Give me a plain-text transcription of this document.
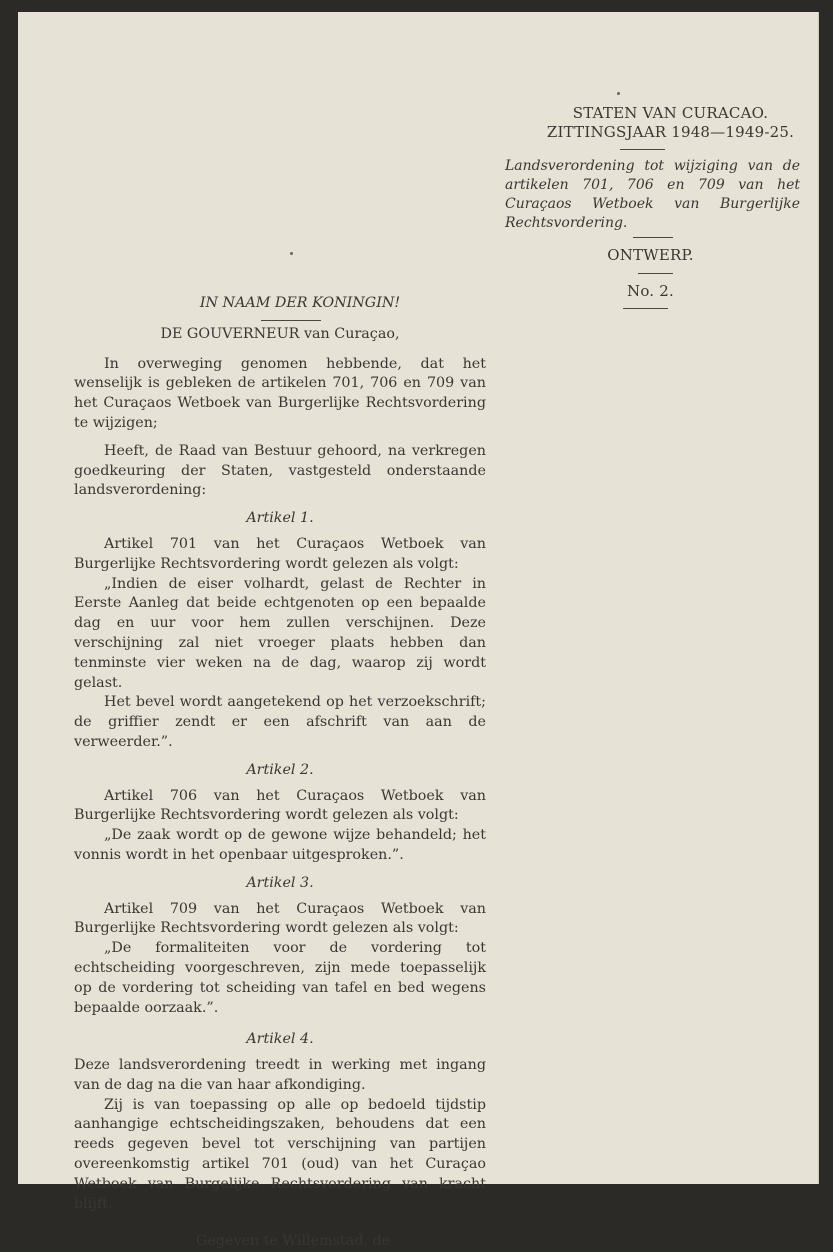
STATEN VAN CURACAO.
ZITTINGSJAAR 1948—1949-25.
Landsverordening tot wijziging van de artikelen 701, 706 en 709 van het Curaçaos Wetboek van Burgerlijke Rechtsvordering.
ONTWERP.
No. 2.
IN NAAM DER KONINGIN!
DE GOUVERNEUR van Curaçao,

In overweging genomen hebbende, dat het wenselijk is gebleken de artikelen 701, 706 en 709 van het Curaçaos Wetboek van Burgerlijke Rechtsvordering te wijzigen;

Heeft, de Raad van Bestuur gehoord, na verkregen goedkeuring der Staten, vastgesteld onderstaande landsverordening:

Artikel 1.

Artikel 701 van het Curaçaos Wetboek van Burgerlijke Rechtsvordering wordt gelezen als volgt:

„Indien de eiser volhardt, gelast de Rechter in Eerste Aanleg dat beide echtgenoten op een bepaalde dag en uur voor hem zullen verschijnen. Deze verschijning zal niet vroeger plaats hebben dan tenminste vier weken na de dag, waarop zij wordt gelast.

Het bevel wordt aangetekend op het verzoekschrift; de griffier zendt er een afschrift van aan de verweerder.”.

Artikel 2.

Artikel 706 van het Curaçaos Wetboek van Burgerlijke Rechtsvordering wordt gelezen als volgt:

„De zaak wordt op de gewone wijze behandeld; het vonnis wordt in het openbaar uitgesproken.”.

Artikel 3.

Artikel 709 van het Curaçaos Wetboek van Burgerlijke Rechtsvordering wordt gelezen als volgt:

„De formaliteiten voor de vordering tot echtscheiding voorgeschreven, zijn mede toepasselijk op de vordering tot scheiding van tafel en bed wegens bepaalde oorzaak.”.

Artikel 4.

Deze landsverordening treedt in werking met ingang van de dag na die van haar afkondiging.

Zij is van toepassing op alle op bedoeld tijdstip aanhangige echtscheidingszaken, behoudens dat een reeds gegeven bevel tot verschijning van partijen overeenkomstig artikel 701 (oud) van het Curaçao Wetboek van Burgelijke Rechtsvordering van kracht blijft.

Gegeven te Willemstad, de
